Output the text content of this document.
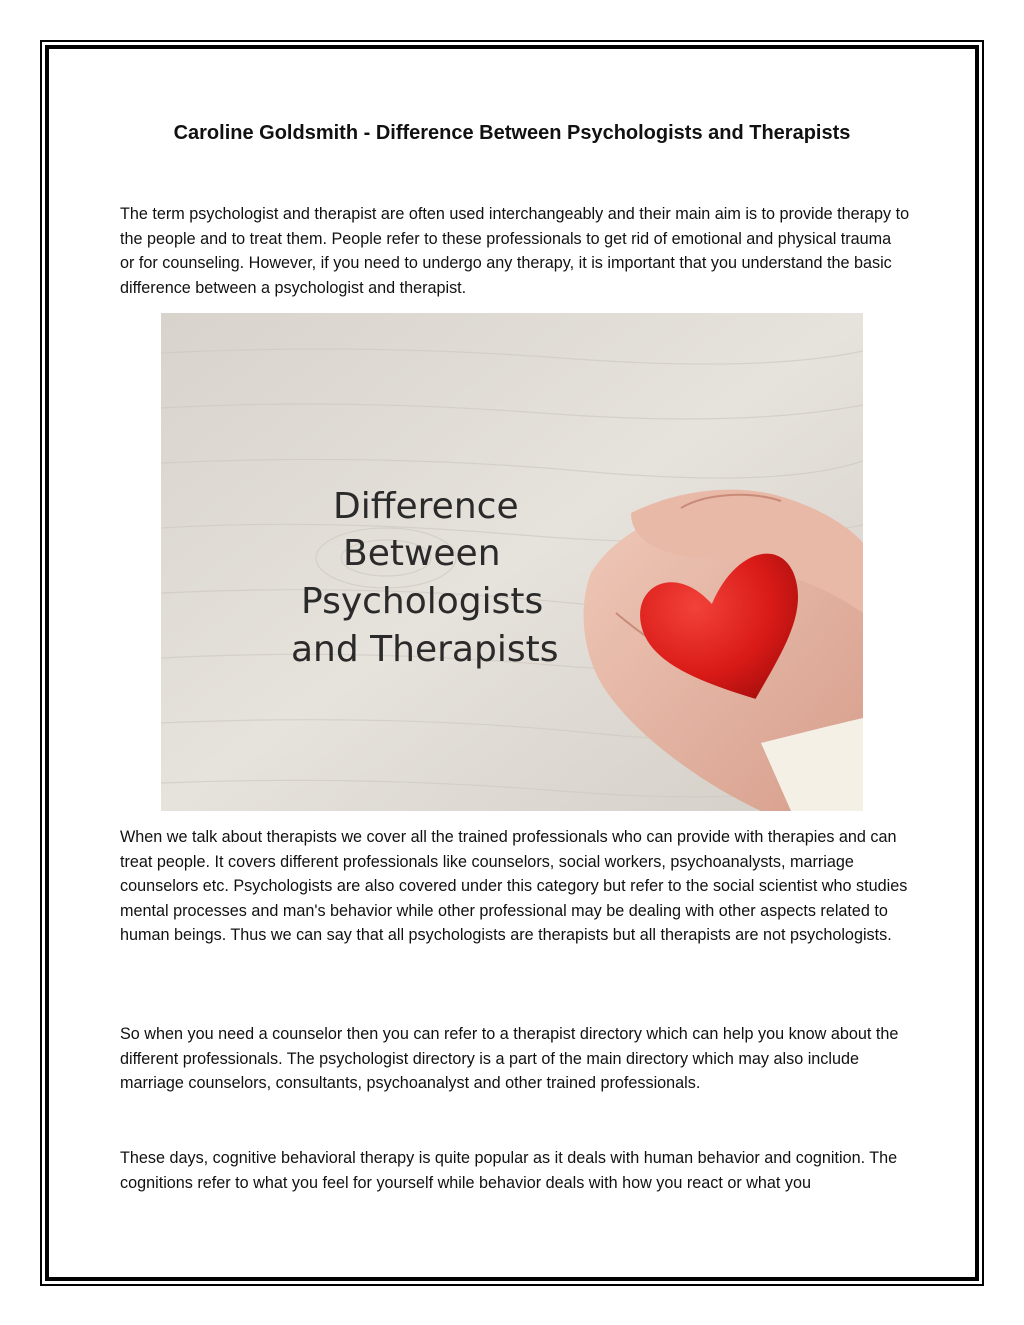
Caroline Goldsmith - Difference Between Psychologists and Therapists
The term psychologist and therapist are often used interchangeably and their main aim is to provide therapy to the people and to treat them. People refer to these professionals to get rid of emotional and physical trauma or for counseling. However, if you need to undergo any therapy, it is important that you understand the basic difference between a psychologist and therapist.
Difference
Between
Psychologists
and Therapists
When we talk about therapists we cover all the trained professionals who can provide with therapies and can treat people. It covers different professionals like counselors, social workers, psychoanalysts, marriage counselors etc. Psychologists are also covered under this category but refer to the social scientist who studies mental processes and man's behavior while other professional may be dealing with other aspects related to human beings. Thus we can say that all psychologists are therapists but all therapists are not psychologists.
So when you need a counselor then you can refer to a therapist directory which can help you know about the different professionals. The psychologist directory is a part of the main directory which may also include marriage counselors, consultants, psychoanalyst and other trained professionals.
These days, cognitive behavioral therapy is quite popular as it deals with human behavior and cognition. The cognitions refer to what you feel for yourself while behavior deals with how you react or what you
